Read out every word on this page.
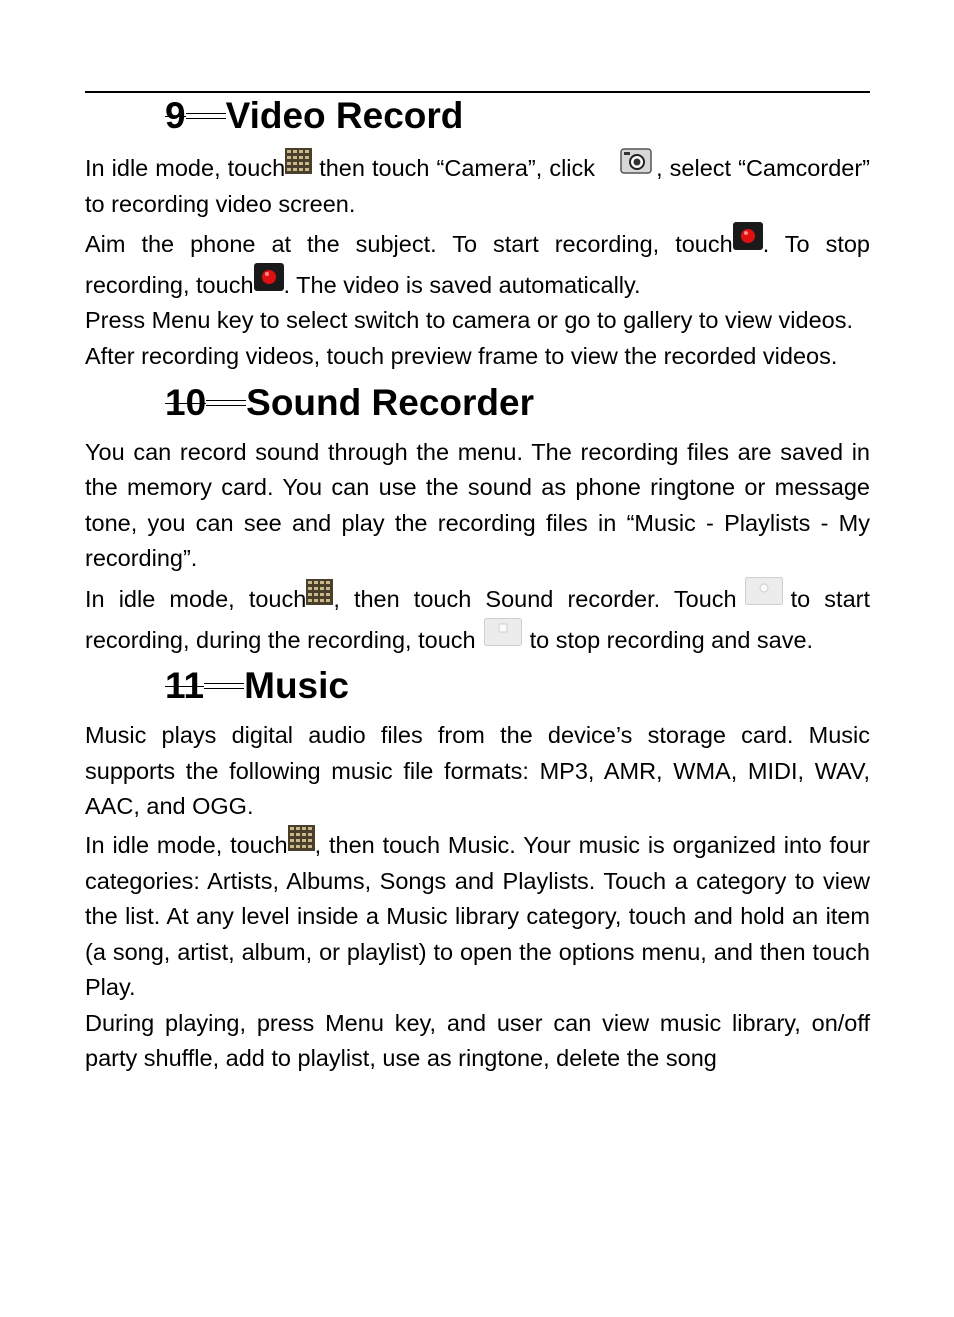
9 Video Record

In idle mode, touch then touch “Camera”, click , select “Camcorder” to recording video screen.

Aim the phone at the subject. To start recording, touch . To stop recording, touch . The video is saved automatically.

Press Menu key to select switch to camera or go to gallery to view videos.

After recording videos, touch preview frame to view the recorded videos.

10 Sound Recorder

You can record sound through the menu. The recording files are saved in the memory card. You can use the sound as phone ringtone or message tone, you can see and play the recording files in “Music - Playlists - My recording”.

In idle mode, touch , then touch Sound recorder. Touch to start recording, during the recording, touch to stop recording and save.

11 Music

Music plays digital audio files from the device’s storage card. Music supports the following music file formats: MP3, AMR, WMA, MIDI, WAV, AAC, and OGG.

In idle mode, touch , then touch Music. Your music is organized into four categories: Artists, Albums, Songs and Playlists. Touch a category to view the list. At any level inside a Music library category, touch and hold an item (a song, artist, album, or playlist) to open the options menu, and then touch Play.

During playing, press Menu key, and user can view music library, on/off party shuffle, add to playlist, use as ringtone, delete the song
